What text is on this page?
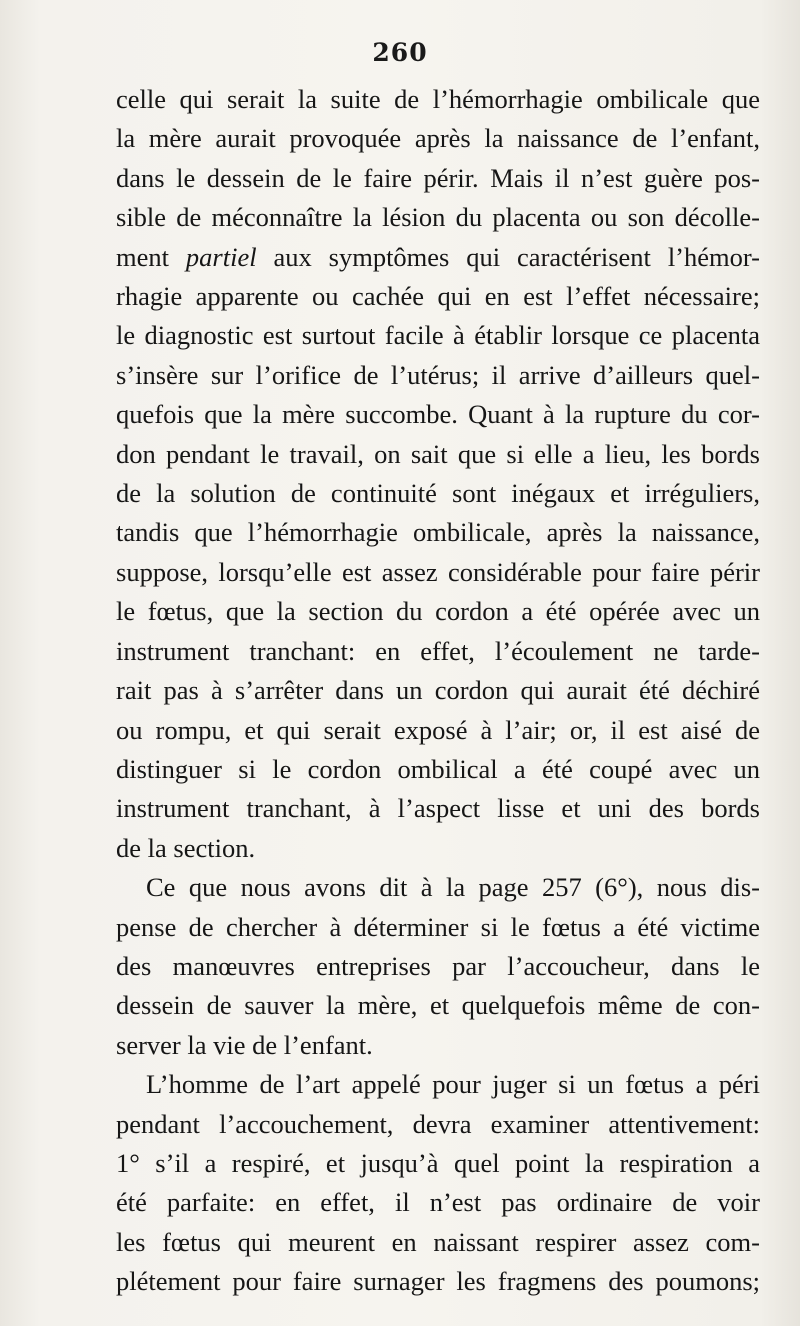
260
celle qui serait la suite de l’hémorrhagie ombilicale que
la mère aurait provoquée après la naissance de l’enfant,
dans le dessein de le faire périr. Mais il n’est guère pos-
sible de méconnaître la lésion du placenta ou son décolle-
ment partiel aux symptômes qui caractérisent l’hémor-
rhagie apparente ou cachée qui en est l’effet nécessaire;
le diagnostic est surtout facile à établir lorsque ce placenta
s’insère sur l’orifice de l’utérus; il arrive d’ailleurs quel-
quefois que la mère succombe. Quant à la rupture du cor-
don pendant le travail, on sait que si elle a lieu, les bords
de la solution de continuité sont inégaux et irréguliers,
tandis que l’hémorrhagie ombilicale, après la naissance,
suppose, lorsqu’elle est assez considérable pour faire périr
le fœtus, que la section du cordon a été opérée avec un
instrument tranchant: en effet, l’écoulement ne tarde-
rait pas à s’arrêter dans un cordon qui aurait été déchiré
ou rompu, et qui serait exposé à l’air; or, il est aisé de
distinguer si le cordon ombilical a été coupé avec un
instrument tranchant, à l’aspect lisse et uni des bords
de la section.
Ce que nous avons dit à la page 257 (6°), nous dis-
pense de chercher à déterminer si le fœtus a été victime
des manœuvres entreprises par l’accoucheur, dans le
dessein de sauver la mère, et quelquefois même de con-
server la vie de l’enfant.
L’homme de l’art appelé pour juger si un fœtus a péri
pendant l’accouchement, devra examiner attentivement:
1° s’il a respiré, et jusqu’à quel point la respiration a
été parfaite: en effet, il n’est pas ordinaire de voir
les fœtus qui meurent en naissant respirer assez com-
plétement pour faire surnager les fragmens des poumons;
